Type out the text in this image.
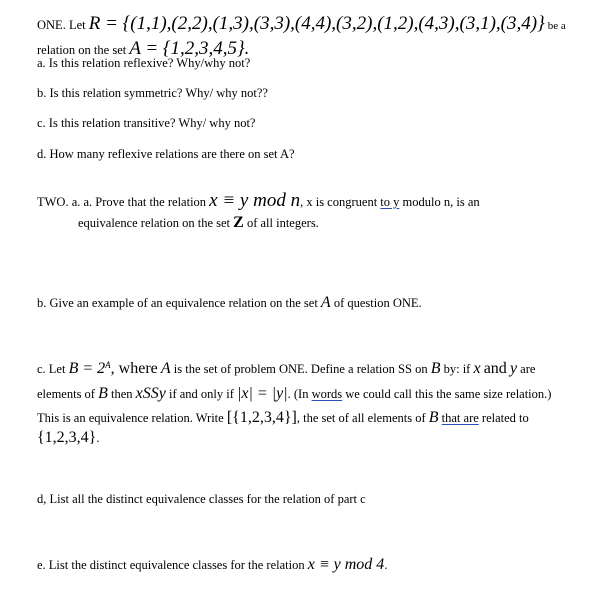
ONE. Let R = {(1,1),(2,2),(1,3),(3,3),(4,4),(3,2),(1,2),(4,3),(3,1),(3,4)} be a
relation on the set A = {1,2,3,4,5}.
a. Is this relation reflexive? Why/why not?
b. Is this relation symmetric? Why/ why not??
c. Is this relation transitive? Why/ why not?
d. How many reflexive relations are there on set A?
TWO. a. a. Prove that the relation x ≡ y mod n, x is congruent to y modulo n, is an
equivalence relation on the set Z of all integers.
b. Give an example of an equivalence relation on the set A of question ONE.
c. Let $B = 2^A$, where A is the set of problem ONE. Define a relation SS on B by: if x and y are
elements of B then xSSy if and only if |x| = |y|. (In words we could call this the same size relation.)
This is an equivalence relation. Write [{1,2,3,4}], the set of all elements of B that are related to
{1,2,3,4}.
d, List all the distinct equivalence classes for the relation of part c
e. List the distinct equivalence classes for the relation x ≡ y mod 4.
